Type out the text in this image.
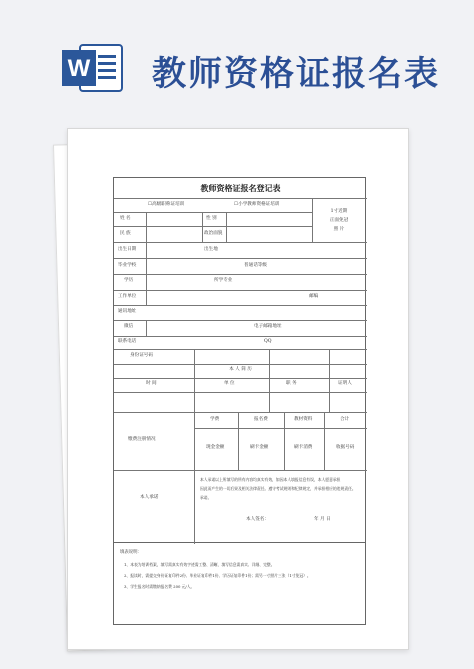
W 教师资格证报名表
教师资格证报名登记表
☐高级职称证培训	☐小学教师资格证培训
1寸近期
正面免冠
照 片
姓 名	性 别
民 族	政治面貌
出生日期	出生地
毕业学校	普通话等级
学历	所学专业
工作单位	邮编
通讯地址
微信	电子邮箱地址
联系电话	QQ
身份证号码
本 人 简 历
时 间	单 位	职 务	证明人
缴费注册情况
学费	报名费	教材资料	合计
现金金额	刷卡金额	刷卡消费	收据号码
本人承诺
本人承诺以上所填写的所有内容均真实有效，如因本人填报信息有误，本人愿意承担
因此而产生的一切后果及相关法律责任。遵守考试规则和纪律规定，并承担相应的违规责任。
承诺。
本人签名：	年 月 日
填表说明：
1、本表为培训档案，填写需真实有效字迹需工整、清晰，填写信息需真实、详细、完整。
2、报读时，需提交身份证复印件2份、毕业证复印件1份、学历证复印件1份；需另一寸照片三张（1寸免冠）。
3、学生报名时需缴纳报名费 200 元/人。
